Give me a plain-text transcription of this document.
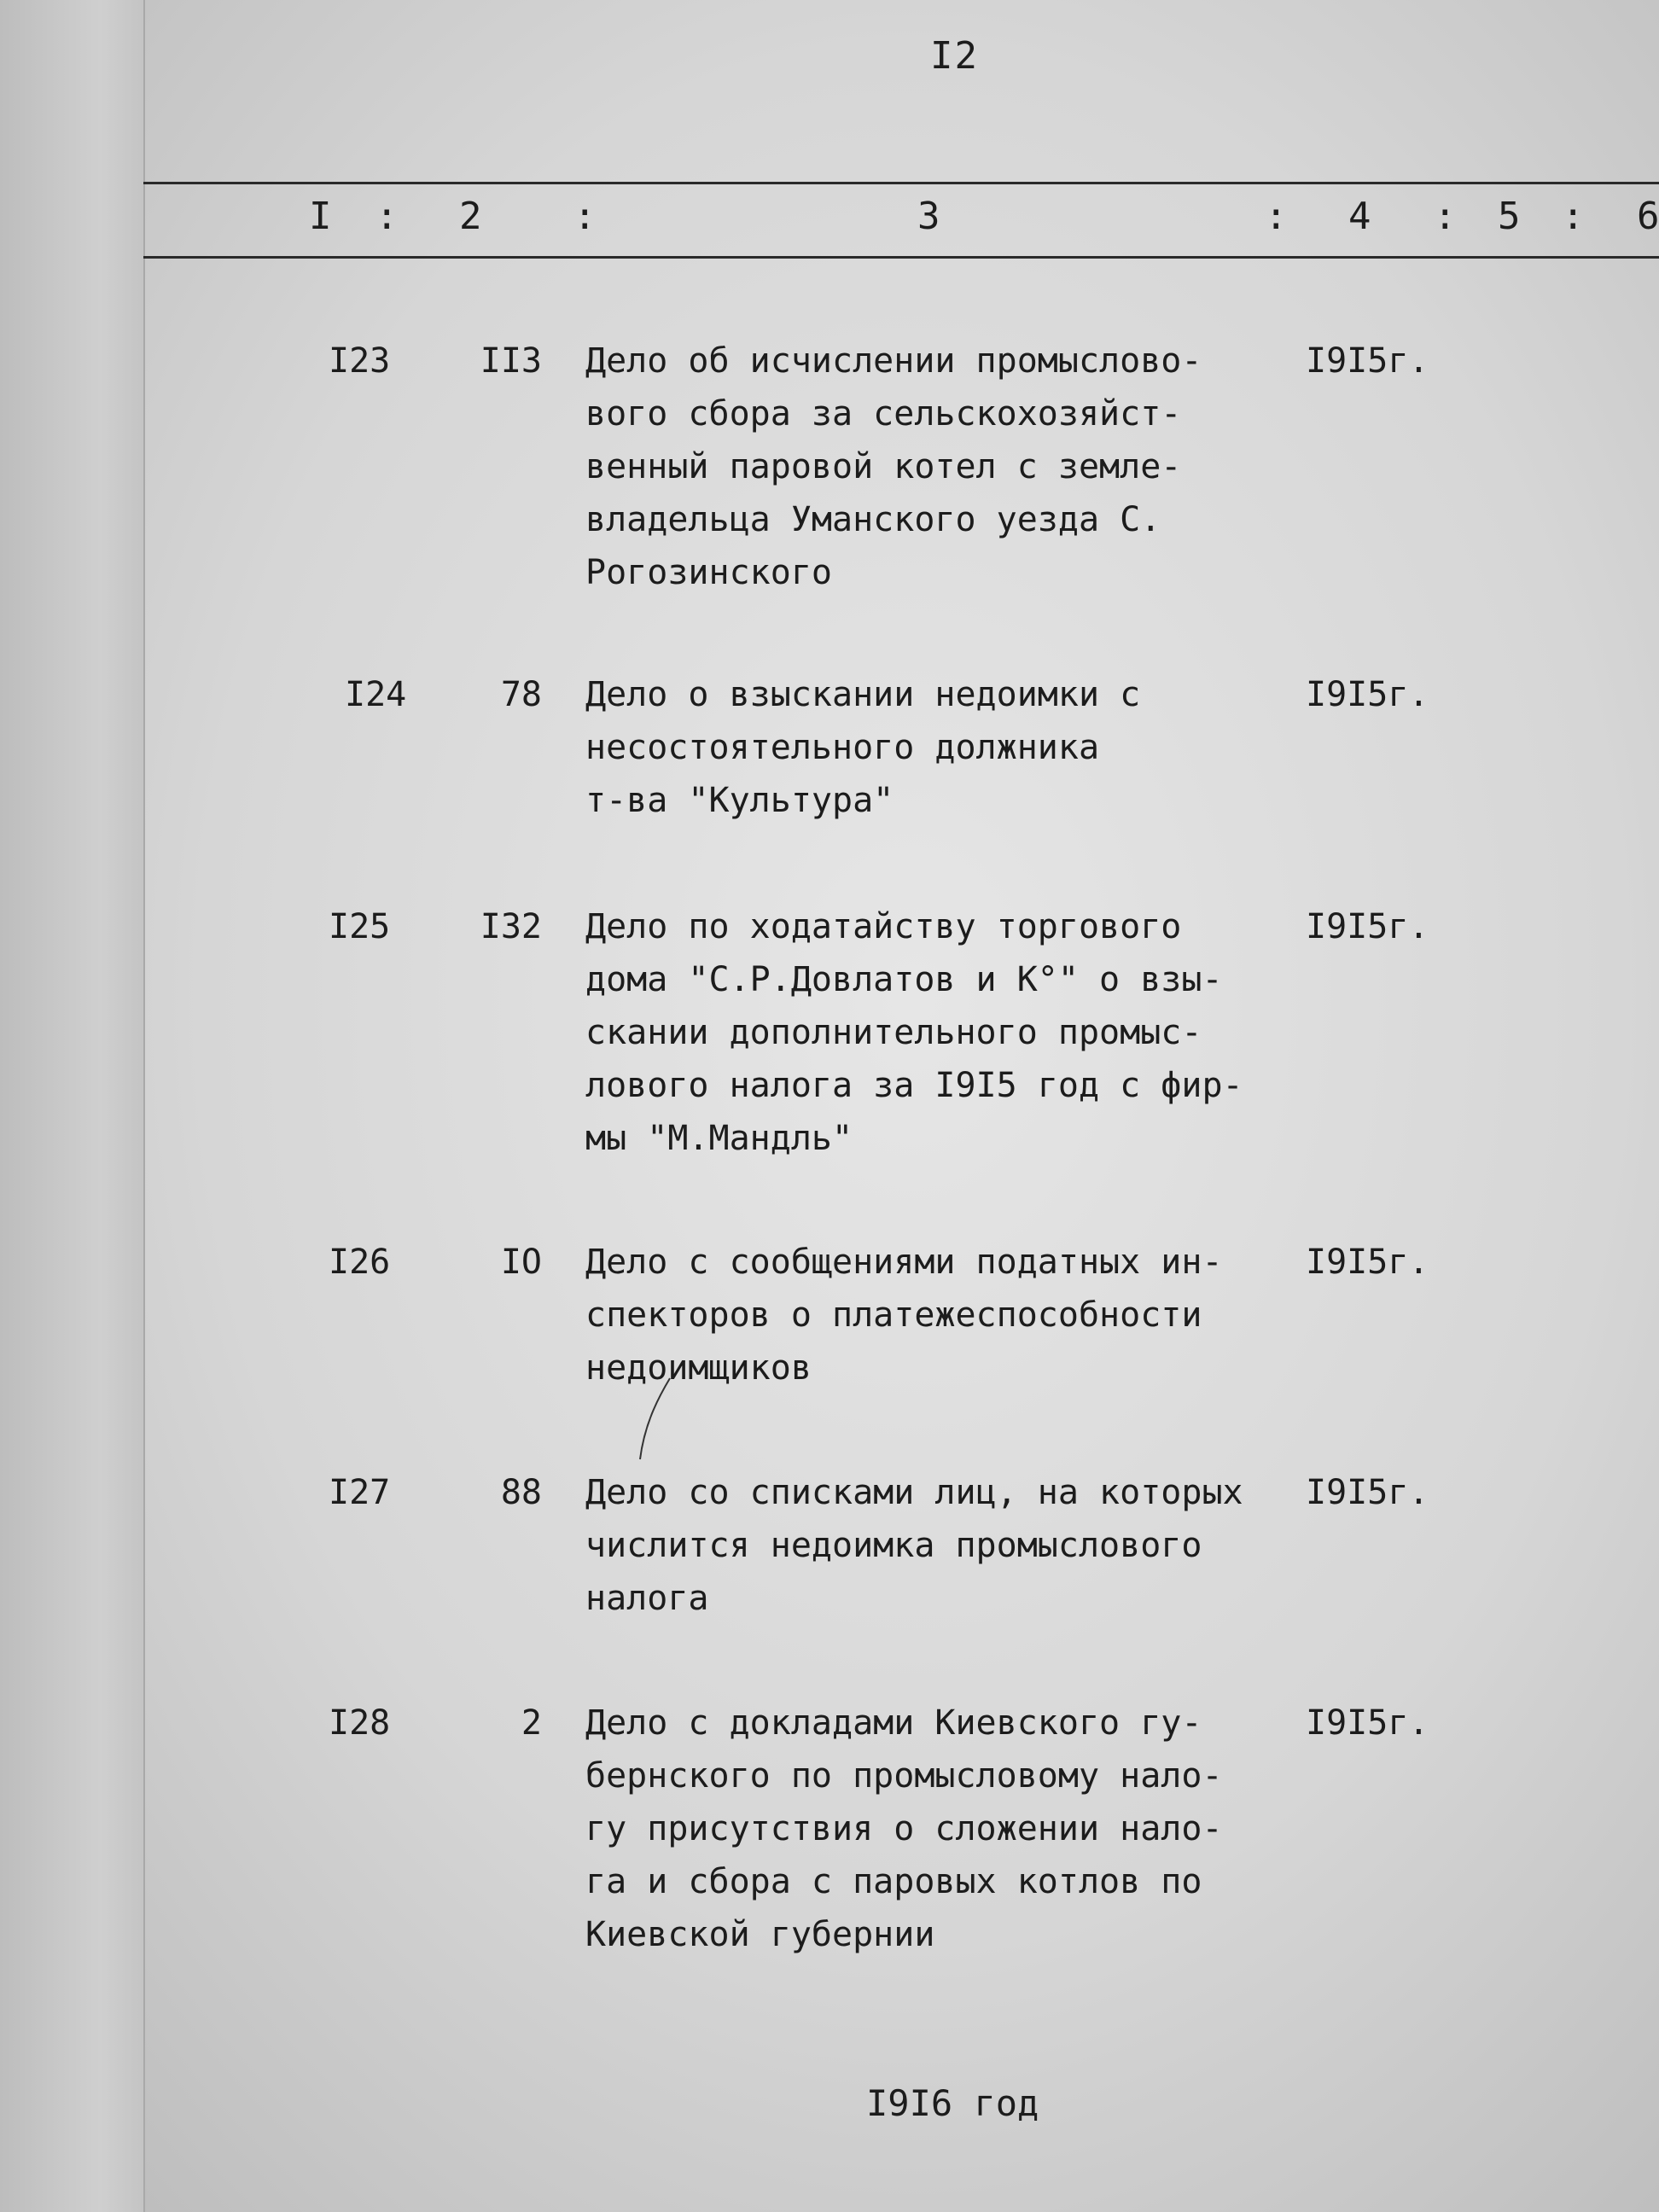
I2
I : 2 :	3	: 4 : 5 : 6
I23	II3 Дело об исчислении промыслово-
вого сбора за сельскохозяйст-
венный паровой котел с земле-
владельца Уманского уезда С.
Рогозинского
I9I5г.
I24	78 Дело о взыскании недоимки с
несостоятельного должника
т-ва "Культура"
I9I5г.
I25	I32 Дело по ходатайству торгового
дома "С.Р.Довлатов и К°" о взы-
скании дополнительного промыс-
лового налога за I9I5 год с фир-
мы "М.Мандль"
I9I5г.
I26	IO Дело с сообщениями податных ин-
спекторов о платежеспособности
недоимщиков
I9I5г.
I27	88 Дело со списками лиц, на которых
числится недоимка промыслового
налога
I9I5г.
I28	2 Дело с докладами Киевского гу-
бернского по промысловому нало-
гу присутствия о сложении нало-
га и сбора с паровых котлов по
Киевской губернии
I9I5г.
I9I6 год
